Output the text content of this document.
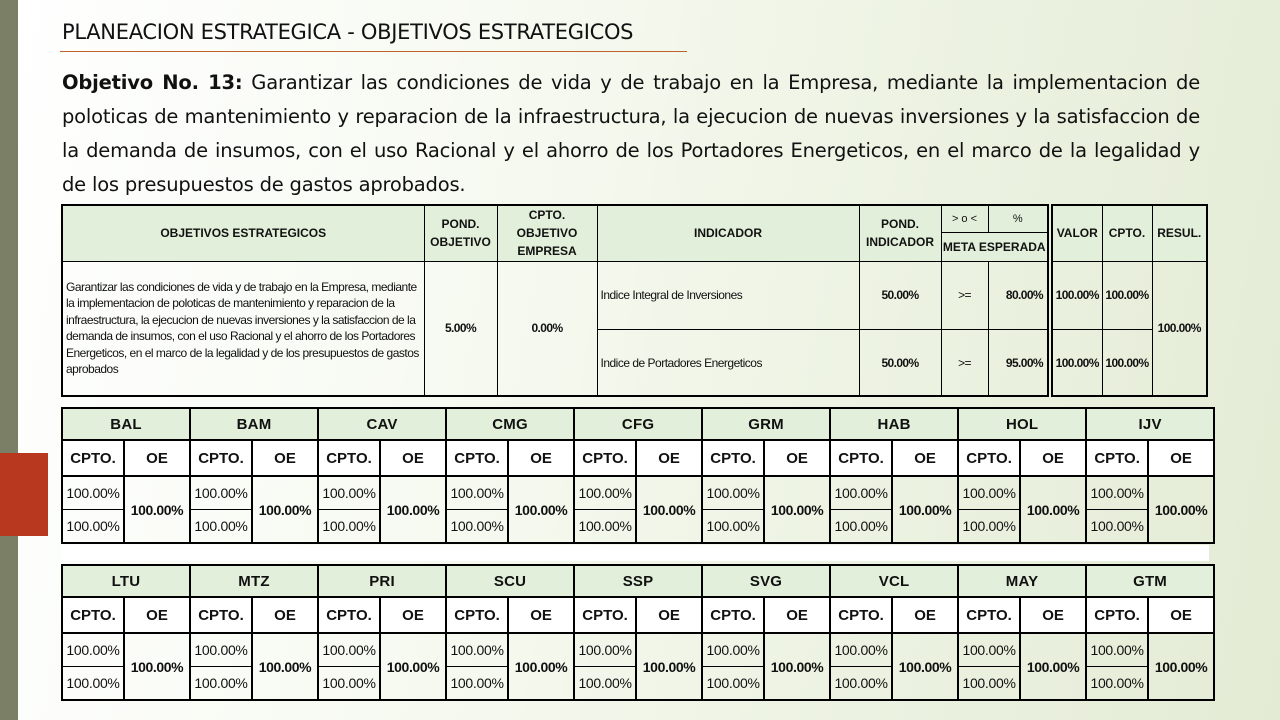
PLANEACION ESTRATEGICA - OBJETIVOS ESTRATEGICOS
Objetivo No. 13: Garantizar las condiciones de vida y de trabajo en la Empresa, mediante la implementacion de poloticas de mantenimiento y reparacion de la infraestructura, la ejecucion de nuevas inversiones y la satisfaccion de la demanda de insumos, con el uso Racional y el ahorro de los Portadores Energeticos, en el marco de la legalidad y de los presupuestos de gastos aprobados.
OBJETIVOS ESTRATEGICOS	POND. OBJETIVO	CPTO. OBJETIVO EMPRESA	INDICADOR	POND. INDICADOR	> o <	%
					META ESPERADA	
Garantizar las condiciones de vida y de trabajo en la Empresa, mediante la implementacion de poloticas de mantenimiento y reparacion de la infraestructura, la ejecucion de nuevas inversiones y la satisfaccion de la demanda de insumos, con el uso Racional y el ahorro de los Portadores Energeticos, en el marco de la legalidad y de los presupuestos de gastos aprobados	5.00%	0.00%	Indice Integral de Inversiones	50.00%	>=	80.00%
			Indice de Portadores Energeticos	50.00%	>=	95.00%
VALOR	CPTO.	RESUL.
100.00%	100.00%	100.00%
100.00%	100.00%	
BAL		BAM		CAV		CMG		CFG		GRM		HAB		HOL		IJV	
CPTO.	OE	CPTO.	OE	CPTO.	OE	CPTO.	OE	CPTO.	OE	CPTO.	OE	CPTO.	OE	CPTO.	OE	CPTO.	OE
100.00%	100.00%	100.00%	100.00%	100.00%	100.00%	100.00%	100.00%	100.00%	100.00%	100.00%	100.00%	100.00%	100.00%	100.00%	100.00%	100.00%	100.00%
100.00%		100.00%		100.00%		100.00%		100.00%		100.00%		100.00%		100.00%		100.00%	
LTU		MTZ		PRI		SCU		SSP		SVG		VCL		MAY		GTM	
CPTO.	OE	CPTO.	OE	CPTO.	OE	CPTO.	OE	CPTO.	OE	CPTO.	OE	CPTO.	OE	CPTO.	OE	CPTO.	OE
100.00%	100.00%	100.00%	100.00%	100.00%	100.00%	100.00%	100.00%	100.00%	100.00%	100.00%	100.00%	100.00%	100.00%	100.00%	100.00%	100.00%	100.00%
100.00%		100.00%		100.00%		100.00%		100.00%		100.00%		100.00%		100.00%		100.00%	
